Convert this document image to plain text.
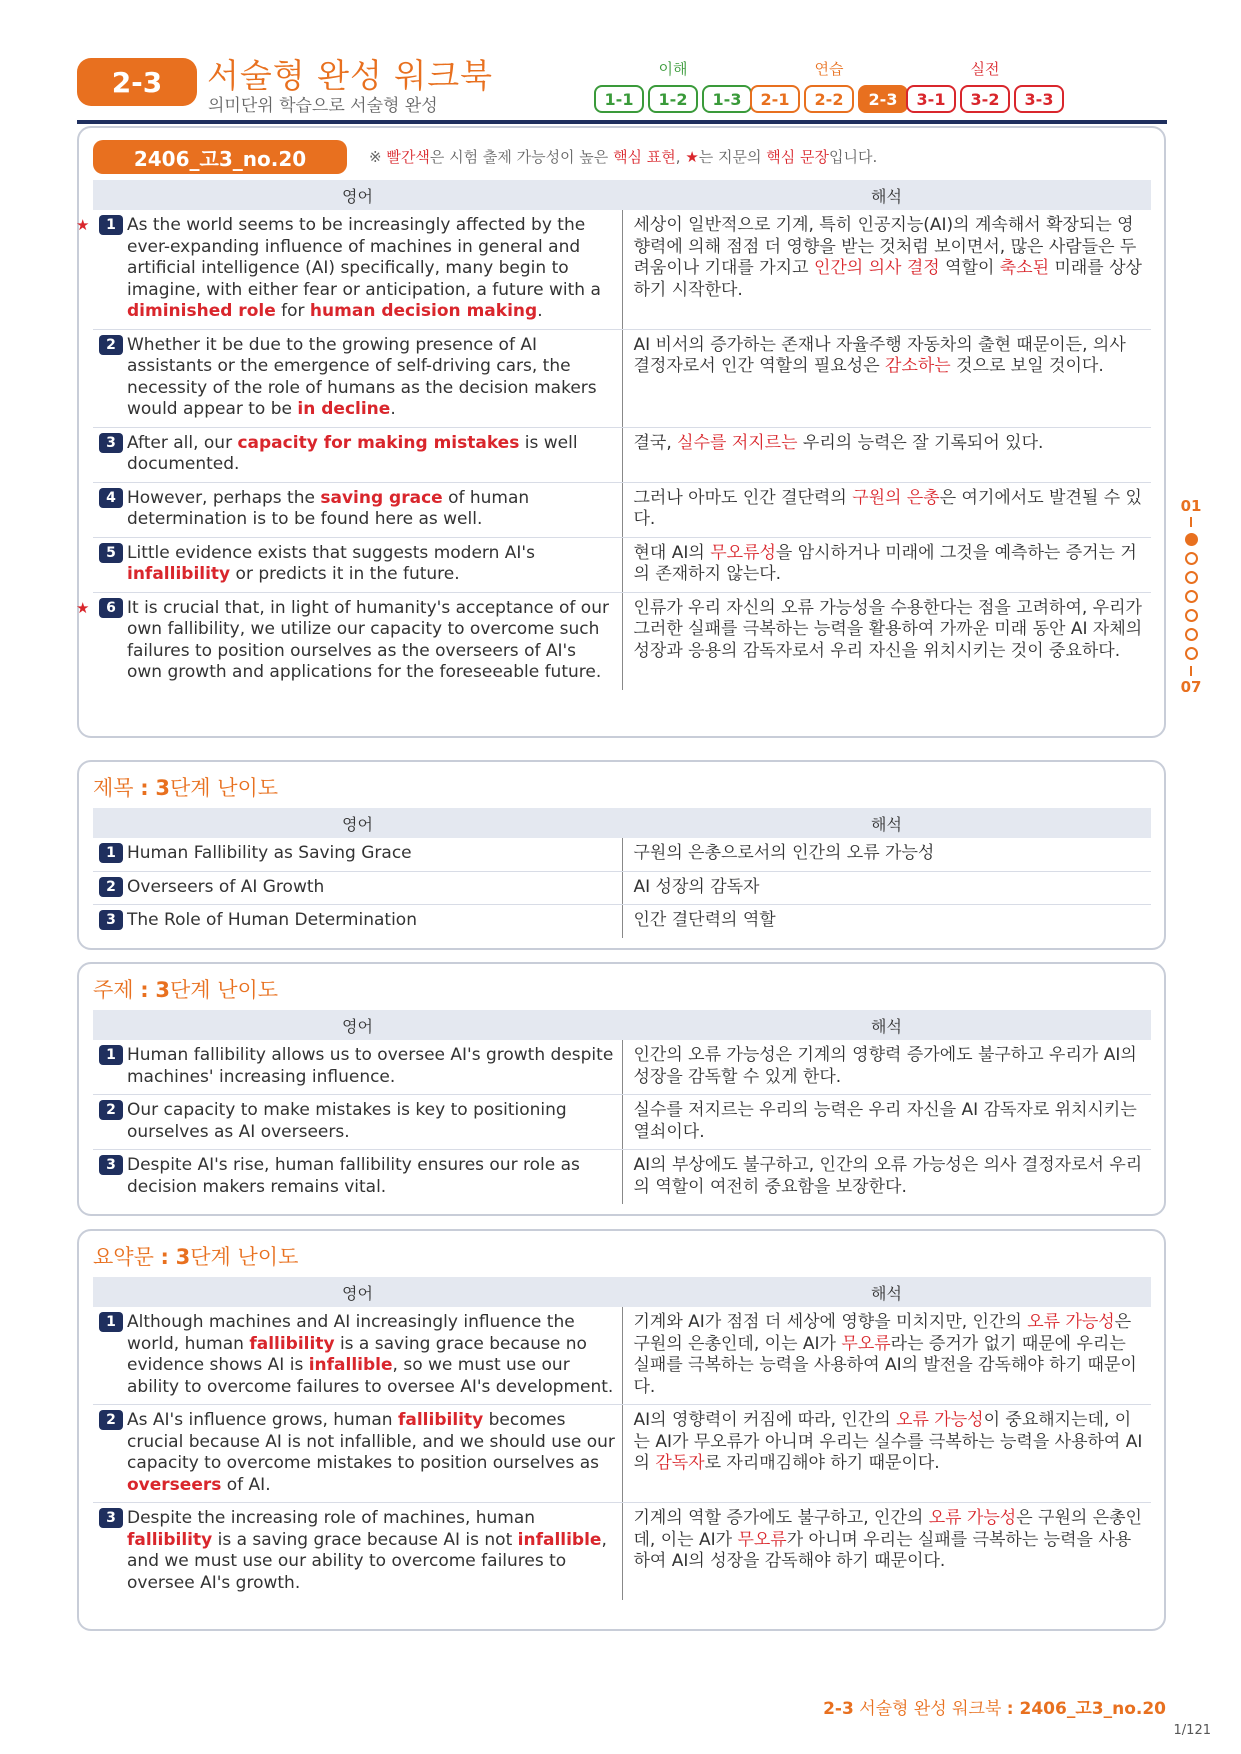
2-3	서술형 완성 워크북
의미단위 학습으로 서술형 완성
이해
1-1	1-2	1-3
연습
2-1	2-2	2-3
실전
3-1	3-2	3-3
2406_고3_no.20	※ 빨간색은 시험 출제 가능성이 높은 핵심 표현, ★는 지문의 핵심 문장입니다.
영어	해석

★ 1 As the world seems to be increasingly affected by the ever-expanding influence of machines in general and artificial intelligence (AI) specifically, many begin to imagine, with either fear or anticipation, a future with a diminished role for human decision making.	세상이 일반적으로 기계, 특히 인공지능(AI)의 계속해서 확장되는 영향력에 의해 점점 더 영향을 받는 것처럼 보이면서, 많은 사람들은 두려움이나 기대를 가지고 인간의 의사 결정 역할이 축소된 미래를 상상하기 시작한다.

2 Whether it be due to the growing presence of AI assistants or the emergence of self-driving cars, the necessity of the role of humans as the decision makers would appear to be in decline.	AI 비서의 증가하는 존재나 자율주행 자동차의 출현 때문이든, 의사 결정자로서 인간 역할의 필요성은 감소하는 것으로 보일 것이다.

3 After all, our capacity for making mistakes is well documented.	결국, 실수를 저지르는 우리의 능력은 잘 기록되어 있다.

4 However, perhaps the saving grace of human determination is to be found here as well.	그러나 아마도 인간 결단력의 구원의 은총은 여기에서도 발견될 수 있다.

5 Little evidence exists that suggests modern AI's infallibility or predicts it in the future.	현대 AI의 무오류성을 암시하거나 미래에 그것을 예측하는 증거는 거의 존재하지 않는다.

★ 6 It is crucial that, in light of humanity's acceptance of our own fallibility, we utilize our capacity to overcome such failures to position ourselves as the overseers of AI's own growth and applications for the foreseeable future.	인류가 우리 자신의 오류 가능성을 수용한다는 점을 고려하여, 우리가 그러한 실패를 극복하는 능력을 활용하여 가까운 미래 동안 AI 자체의 성장과 응용의 감독자로서 우리 자신을 위치시키는 것이 중요하다.
제목 : 3단계 난이도
영어	해석

1 Human Fallibility as Saving Grace	구원의 은총으로서의 인간의 오류 가능성

2 Overseers of AI Growth	AI 성장의 감독자

3 The Role of Human Determination	인간 결단력의 역할
주제 : 3단계 난이도
영어	해석

1 Human fallibility allows us to oversee AI's growth despite machines' increasing influence.	인간의 오류 가능성은 기계의 영향력 증가에도 불구하고 우리가 AI의 성장을 감독할 수 있게 한다.

2 Our capacity to make mistakes is key to positioning ourselves as AI overseers.	실수를 저지르는 우리의 능력은 우리 자신을 AI 감독자로 위치시키는 열쇠이다.

3 Despite AI's rise, human fallibility ensures our role as decision makers remains vital.	AI의 부상에도 불구하고, 인간의 오류 가능성은 의사 결정자로서 우리의 역할이 여전히 중요함을 보장한다.
요약문 : 3단계 난이도
영어	해석

1 Although machines and AI increasingly influence the world, human fallibility is a saving grace because no evidence shows AI is infallible, so we must use our ability to overcome failures to oversee AI's development.	기계와 AI가 점점 더 세상에 영향을 미치지만, 인간의 오류 가능성은 구원의 은총인데, 이는 AI가 무오류라는 증거가 없기 때문에 우리는 실패를 극복하는 능력을 사용하여 AI의 발전을 감독해야 하기 때문이다.

2 As AI's influence grows, human fallibility becomes crucial because AI is not infallible, and we should use our capacity to overcome mistakes to position ourselves as overseers of AI.	AI의 영향력이 커짐에 따라, 인간의 오류 가능성이 중요해지는데, 이는 AI가 무오류가 아니며 우리는 실수를 극복하는 능력을 사용하여 AI의 감독자로 자리매김해야 하기 때문이다.

3 Despite the increasing role of machines, human fallibility is a saving grace because AI is not infallible, and we must use our ability to overcome failures to oversee AI's growth.	기계의 역할 증가에도 불구하고, 인간의 오류 가능성은 구원의 은총인데, 이는 AI가 무오류가 아니며 우리는 실패를 극복하는 능력을 사용하여 AI의 성장을 감독해야 하기 때문이다.
01
07
2-3 서술형 완성 워크북 : 2406_고3_no.20
1/121
